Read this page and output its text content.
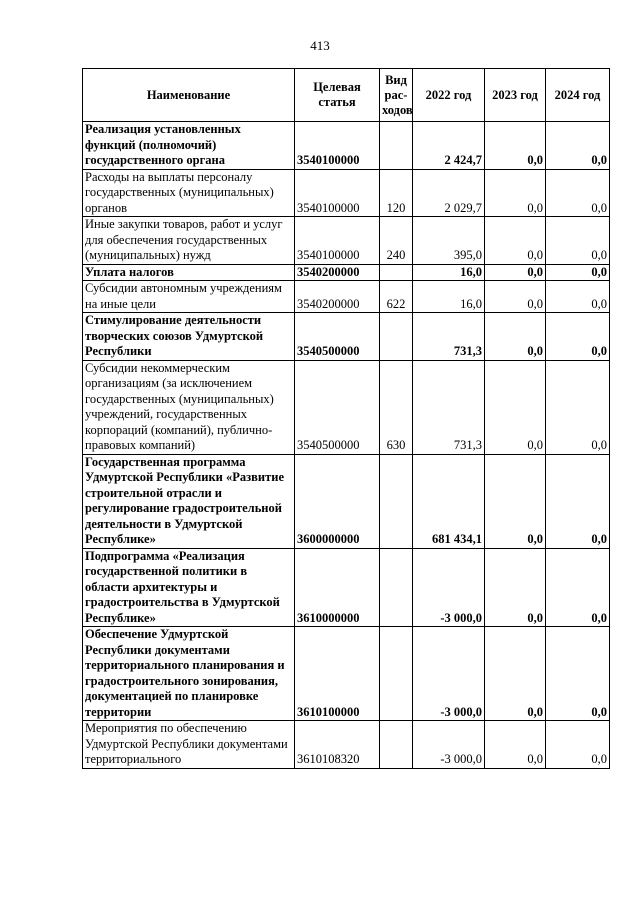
413
Наименование	Целевая статья	Вид рас-ходов	2022 год	2023 год	2024 год
Реализация установленных функций (полномочий) государственного органа	3540100000		2 424,7	0,0	0,0
Расходы на выплаты персоналу государственных (муниципальных) органов	3540100000	120	2 029,7	0,0	0,0
Иные закупки товаров, работ и услуг для обеспечения государственных (муниципальных) нужд	3540100000	240	395,0	0,0	0,0
Уплата налогов	3540200000		16,0	0,0	0,0
Субсидии автономным учреждениям на иные цели	3540200000	622	16,0	0,0	0,0
Стимулирование деятельности творческих союзов Удмуртской Республики	3540500000		731,3	0,0	0,0
Субсидии некоммерческим организациям (за исключением государственных (муниципальных) учреждений, государственных корпораций (компаний), публично-правовых компаний)	3540500000	630	731,3	0,0	0,0
Государственная программа Удмуртской Республики «Развитие строительной отрасли и регулирование градостроительной деятельности в Удмуртской Республике»	3600000000		681 434,1	0,0	0,0
Подпрограмма «Реализация государственной политики в области архитектуры и градостроительства в Удмуртской Республике»	3610000000		-3 000,0	0,0	0,0
Обеспечение Удмуртской Республики документами территориального планирования и градостроительного зонирования, документацией по планировке территории	3610100000		-3 000,0	0,0	0,0
Мероприятия по обеспечению Удмуртской Республики документами территориального	3610108320		-3 000,0	0,0	0,0
